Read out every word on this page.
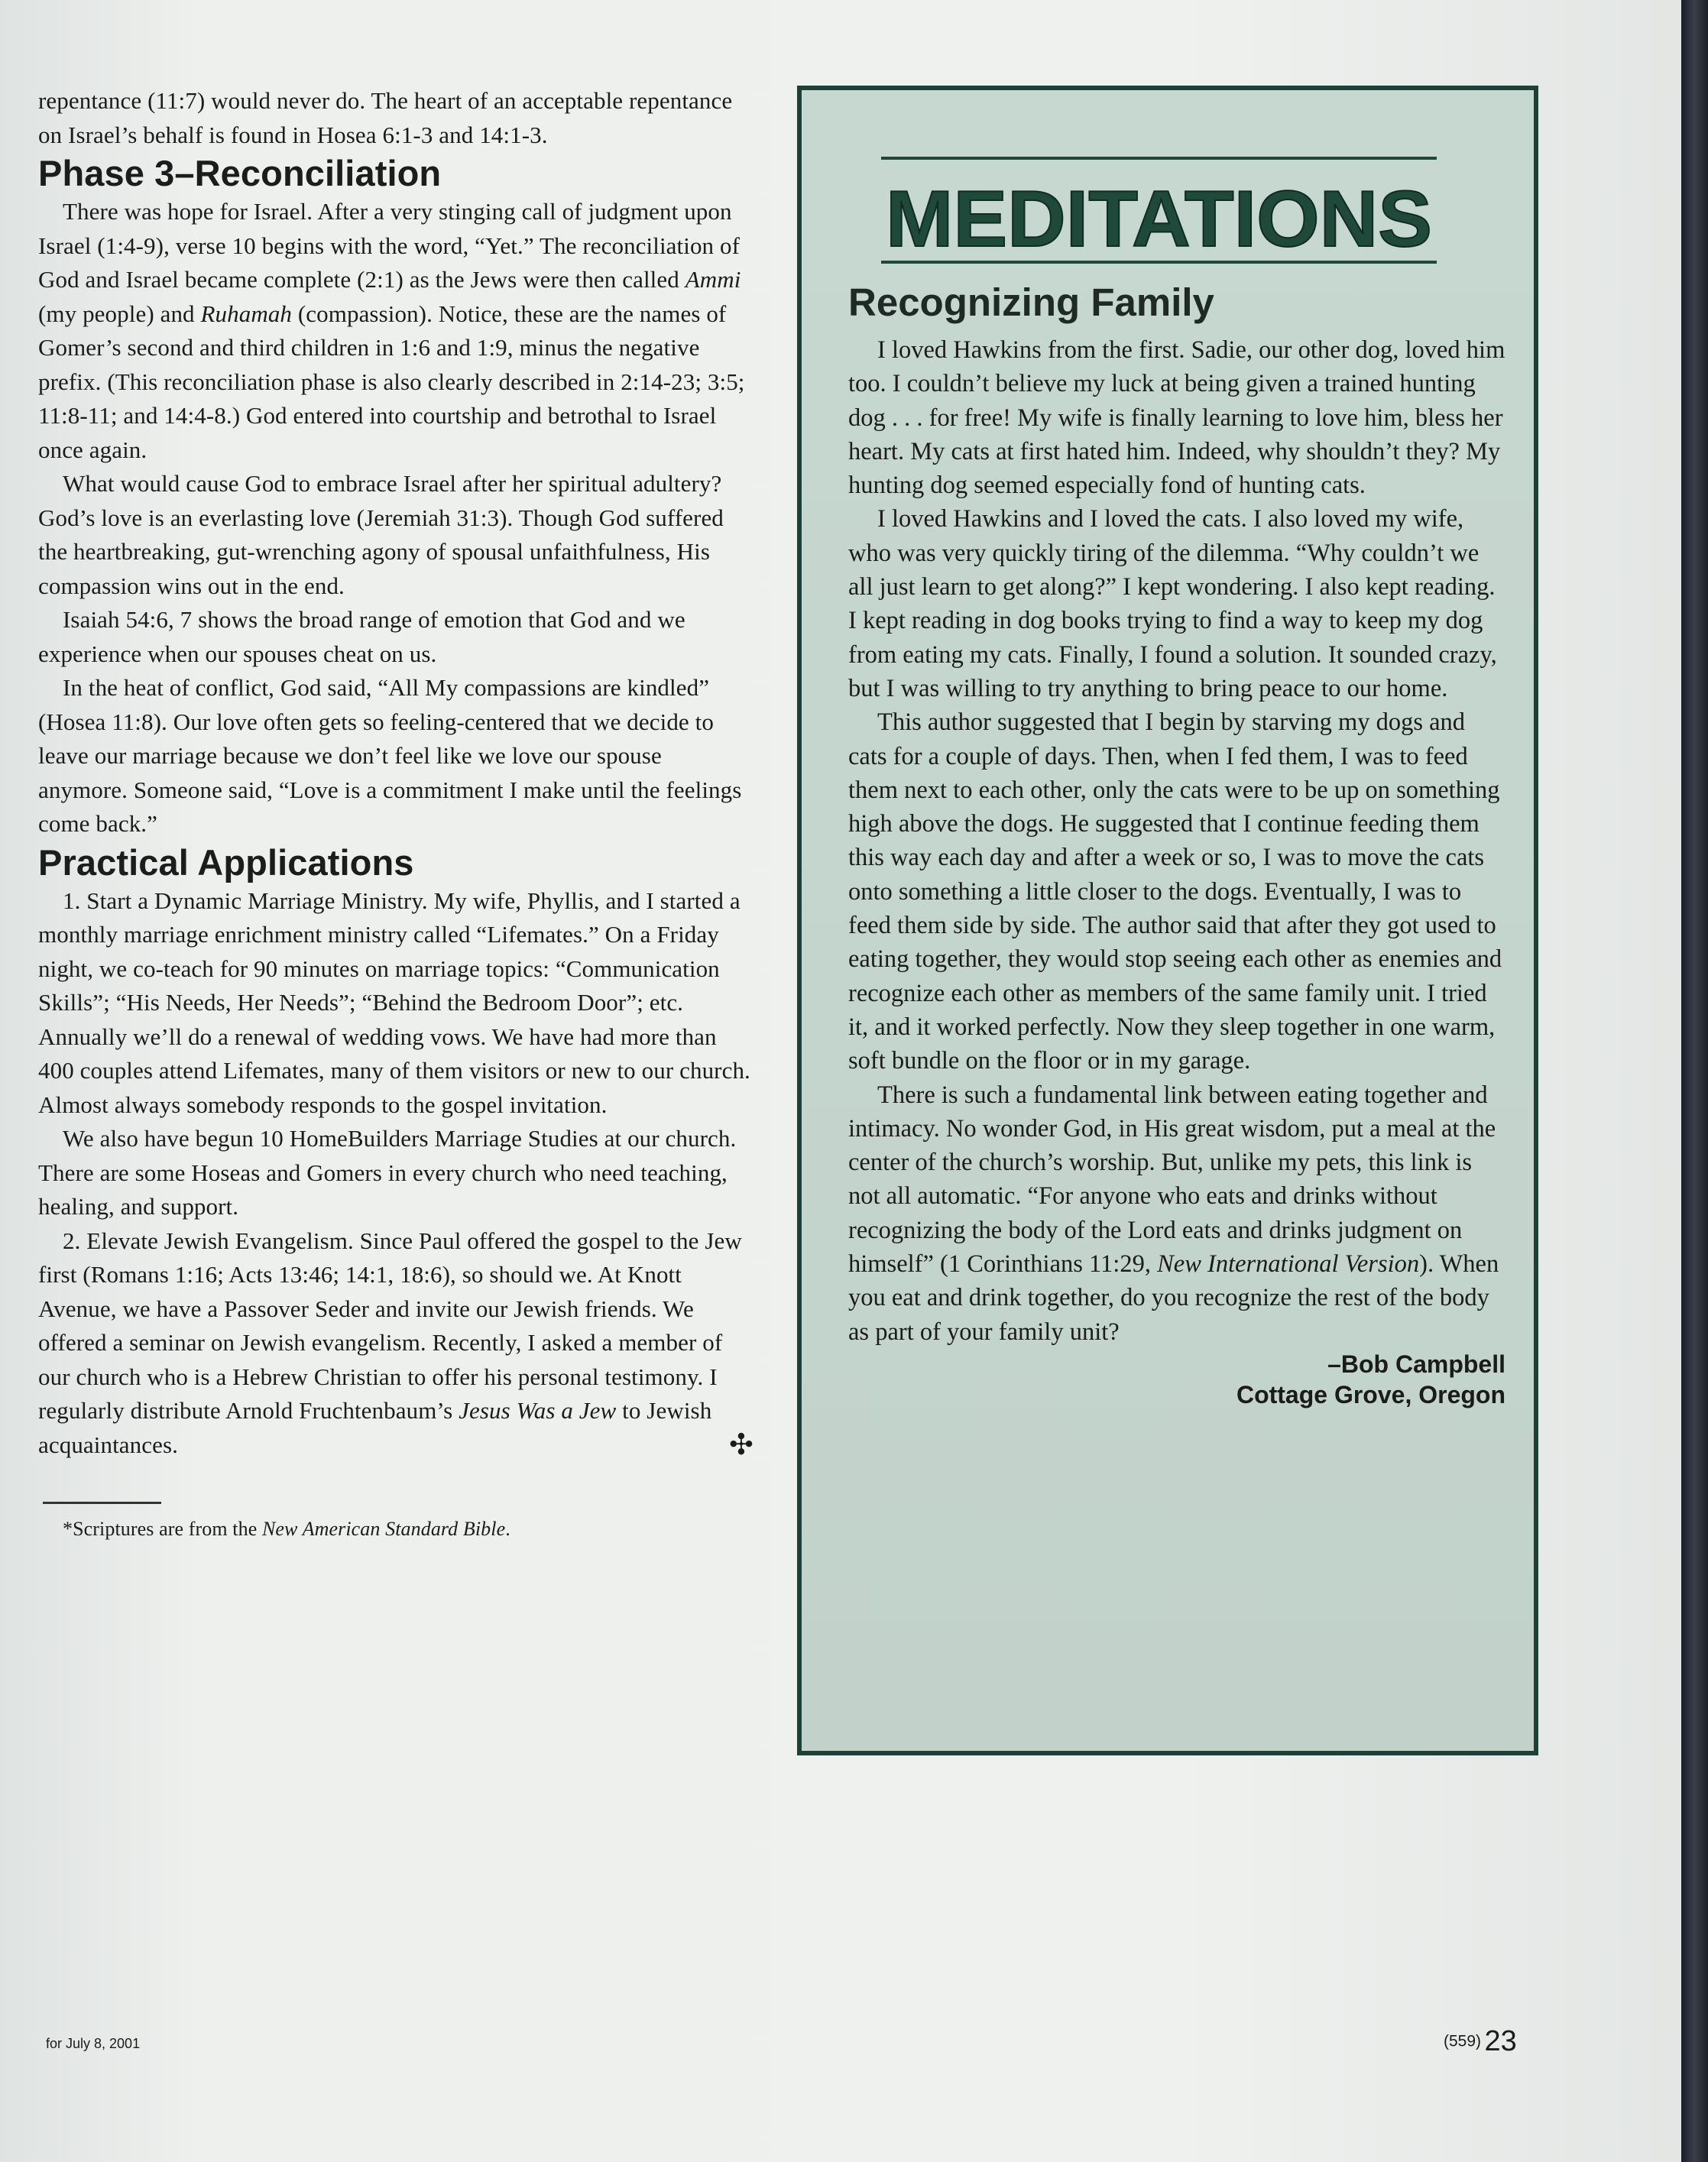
repentance (11:7) would never do. The heart of an acceptable repentance on Israel’s behalf is found in Hosea 6:1-3 and 14:1-3.

Phase 3–Reconciliation

There was hope for Israel. After a very stinging call of judgment upon Israel (1:4-9), verse 10 begins with the word, “Yet.” The reconciliation of God and Israel became complete (2:1) as the Jews were then called Ammi (my people) and Ruhamah (compassion). Notice, these are the names of Gomer’s second and third children in 1:6 and 1:9, minus the negative prefix. (This reconciliation phase is also clearly described in 2:14-23; 3:5; 11:8-11; and 14:4-8.) God entered into courtship and betrothal to Israel once again.

What would cause God to embrace Israel after her spiritual adultery? God’s love is an everlasting love (Jeremiah 31:3). Though God suffered the heartbreaking, gut-wrenching agony of spousal unfaithfulness, His compassion wins out in the end.

Isaiah 54:6, 7 shows the broad range of emotion that God and we experience when our spouses cheat on us.

In the heat of conflict, God said, “All My compassions are kindled” (Hosea 11:8). Our love often gets so feeling-centered that we decide to leave our marriage because we don’t feel like we love our spouse anymore. Someone said, “Love is a commitment I make until the feelings come back.”

Practical Applications

1. Start a Dynamic Marriage Ministry. My wife, Phyllis, and I started a monthly marriage enrichment ministry called “Lifemates.” On a Friday night, we co-teach for 90 minutes on marriage topics: “Communication Skills”; “His Needs, Her Needs”; “Behind the Bedroom Door”; etc. Annually we’ll do a renewal of wedding vows. We have had more than 400 couples attend Lifemates, many of them visitors or new to our church. Almost always somebody responds to the gospel invitation.

We also have begun 10 HomeBuilders Marriage Studies at our church. There are some Hoseas and Gomers in every church who need teaching, healing, and support.

2. Elevate Jewish Evangelism. Since Paul offered the gospel to the Jew first (Romans 1:16; Acts 13:46; 14:1, 18:6), so should we. At Knott Avenue, we have a Passover Seder and invite our Jewish friends. We offered a seminar on Jewish evangelism. Recently, I asked a member of our church who is a Hebrew Christian to offer his personal testimony. I regularly distribute Arnold Fruchtenbaum’s Jesus Was a Jew to Jewish acquaintances.	✣

*Scriptures are from the New American Standard Bible.

MEDITATIONS
Recognizing Family

I loved Hawkins from the first. Sadie, our other dog, loved him too. I couldn’t believe my luck at being given a trained hunting dog . . . for free! My wife is finally learning to love him, bless her heart. My cats at first hated him. Indeed, why shouldn’t they? My hunting dog seemed especially fond of hunting cats.

I loved Hawkins and I loved the cats. I also loved my wife, who was very quickly tiring of the dilemma. “Why couldn’t we all just learn to get along?” I kept wondering. I also kept reading. I kept reading in dog books trying to find a way to keep my dog from eating my cats. Finally, I found a solution. It sounded crazy, but I was willing to try anything to bring peace to our home.

This author suggested that I begin by starving my dogs and cats for a couple of days. Then, when I fed them, I was to feed them next to each other, only the cats were to be up on something high above the dogs. He suggested that I continue feeding them this way each day and after a week or so, I was to move the cats onto something a little closer to the dogs. Eventually, I was to feed them side by side. The author said that after they got used to eating together, they would stop seeing each other as enemies and recognize each other as members of the same family unit. I tried it, and it worked perfectly. Now they sleep together in one warm, soft bundle on the floor or in my garage.

There is such a fundamental link between eating together and intimacy. No wonder God, in His great wisdom, put a meal at the center of the church’s worship. But, unlike my pets, this link is not all automatic. “For anyone who eats and drinks without recognizing the body of the Lord eats and drinks judgment on himself” (1 Corinthians 11:29, New International Version). When you eat and drink together, do you recognize the rest of the body as part of your family unit?

–Bob Campbell

Cottage Grove, Oregon

for July 8, 2001	(559) 23
